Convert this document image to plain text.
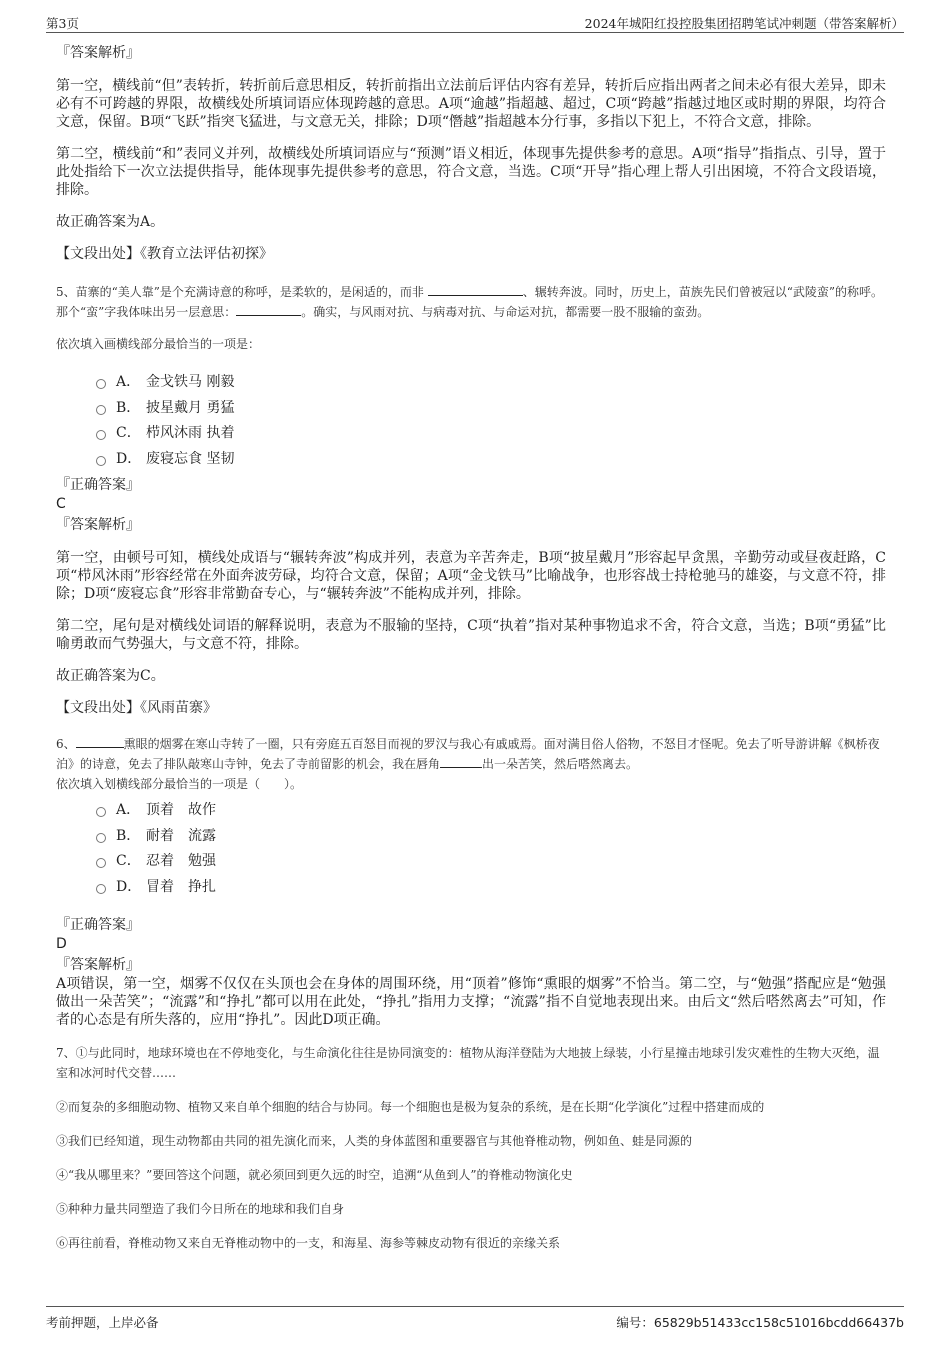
第3页	2024年城阳红投控股集团招聘笔试冲刺题（带答案解析）

『答案解析』

第一空，横线前“但”表转折，转折前后意思相反，转折前指出立法前后评估内容有差异，转折后应指出两者之间未必有很大差异，即未必有不可跨越的界限，故横线处所填词语应体现跨越的意思。A项“逾越”指超越、超过，C项“跨越”指越过地区或时期的界限，均符合文意，保留。B项“飞跃”指突飞猛进，与文意无关，排除；D项“僭越”指超越本分行事，多指以下犯上，不符合文意，排除。

第二空，横线前“和”表同义并列，故横线处所填词语应与“预测”语义相近，体现事先提供参考的意思。A项“指导”指指点、引导，置于此处指给下一次立法提供指导，能体现事先提供参考的意思，符合文意，当选。C项“开导”指心理上帮人引出困境，不符合文段语境，排除。

故正确答案为A。

【文段出处】《教育立法评估初探》

5、苗寨的“美人靠”是个充满诗意的称呼，是柔软的，是闲适的，而非	、辗转奔波。同时，历史上，苗族先民们曾被冠以“武陵蛮”的称呼。那个“蛮”字我体味出另一层意思：	。确实，与风雨对抗、与病毒对抗、与命运对抗，都需要一股不服输的蛮劲。

依次填入画横线部分最恰当的一项是：

A． 金戈铁马 刚毅
B． 披星戴月 勇猛
C． 栉风沐雨 执着
D． 废寝忘食 坚韧

『正确答案』

C

『答案解析』

第一空，由顿号可知，横线处成语与“辗转奔波”构成并列，表意为辛苦奔走，B项“披星戴月”形容起早贪黑，辛勤劳动或昼夜赶路，C项“栉风沐雨”形容经常在外面奔波劳碌，均符合文意，保留；A项“金戈铁马”比喻战争，也形容战士持枪驰马的雄姿，与文意不符，排除；D项“废寝忘食”形容非常勤奋专心，与“辗转奔波”不能构成并列，排除。

第二空，尾句是对横线处词语的解释说明，表意为不服输的坚持，C项“执着”指对某种事物追求不舍，符合文意，当选；B项“勇猛”比喻勇敢而气势强大，与文意不符，排除。

故正确答案为C。

【文段出处】《风雨苗寨》

6、	熏眼的烟雾在寒山寺转了一圈，只有旁庭五百怒目而视的罗汉与我心有戚戚焉。面对满目俗人俗物，不怒目才怪呢。免去了听导游讲解《枫桥夜泊》的诗意，免去了排队敲寒山寺钟，免去了寺前留影的机会，我在唇角	出一朵苦笑，然后嗒然离去。

依次填入划横线部分最恰当的一项是（　　）。

A． 顶着　故作
B． 耐着　流露
C． 忍着　勉强
D． 冒着　挣扎

『正确答案』

D

『答案解析』

A项错误，第一空，烟雾不仅仅在头顶也会在身体的周围环绕，用“顶着”修饰“熏眼的烟雾”不恰当。第二空，与“勉强”搭配应是“勉强做出一朵苦笑”；“流露”和“挣扎”都可以用在此处，“挣扎”指用力支撑；“流露”指不自觉地表现出来。由后文“然后嗒然离去”可知，作者的心态是有所失落的，应用“挣扎”。因此D项正确。

7、①与此同时，地球环境也在不停地变化，与生命演化往往是协同演变的：植物从海洋登陆为大地披上绿装，小行星撞击地球引发灾难性的生物大灭绝，温室和冰河时代交替……

②而复杂的多细胞动物、植物又来自单个细胞的结合与协同。每一个细胞也是极为复杂的系统，是在长期“化学演化”过程中搭建而成的

③我们已经知道，现生动物都由共同的祖先演化而来，人类的身体蓝图和重要器官与其他脊椎动物，例如鱼、蛙是同源的

④“我从哪里来？”要回答这个问题，就必须回到更久远的时空，追溯“从鱼到人”的脊椎动物演化史

⑤种种力量共同塑造了我们今日所在的地球和我们自身

⑥再往前看，脊椎动物又来自无脊椎动物中的一支，和海星、海参等棘皮动物有很近的亲缘关系

考前押题，上岸必备	编号：65829b51433cc158c51016bcdd66437b
